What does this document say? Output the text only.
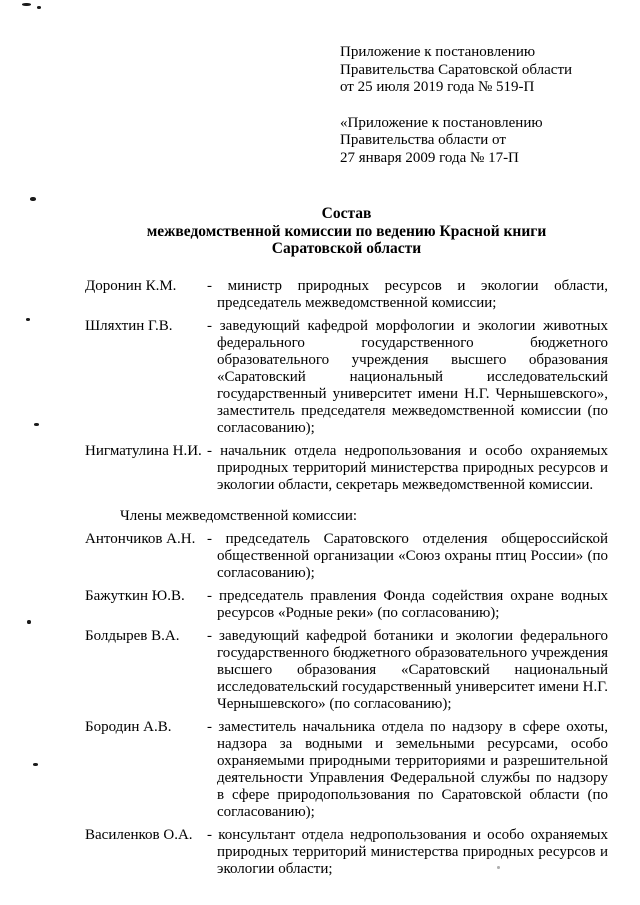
Приложение к постановлению
Правительства Саратовской области
от 25 июля 2019 года № 519-П
«Приложение к постановлению
Правительства области от
27 января 2009 года № 17-П
Состав
межведомственной комиссии по ведению Красной книги
Саратовской области
Доронин К.М.	- министр природных ресурсов и экологии области, председатель межведомственной комиссии;
Шляхтин Г.В.	- заведующий кафедрой морфологии и экологии животных федерального государственного бюджетного образовательного учреждения высшего образования «Саратовский национальный исследовательский государственный университет имени Н.Г. Чернышевского», заместитель председателя межведомственной комиссии (по согласованию);
Нигматулина Н.И. - начальник отдела недропользования и особо охраняемых природных территорий министерства природных ресурсов и экологии области, секретарь межведомственной комиссии.
Члены межведомственной комиссии:
Антончиков А.Н. - председатель Саратовского отделения общероссийской общественной организации «Союз охраны птиц России» (по согласованию);
Бажуткин Ю.В.	- председатель правления Фонда содействия охране водных ресурсов «Родные реки» (по согласованию);
Болдырев В.А.	- заведующий кафедрой ботаники и экологии федерального государственного бюджетного образовательного учреждения высшего образования «Саратовский национальный исследовательский государственный университет имени Н.Г. Чернышевского» (по согласованию);
Бородин А.В.	- заместитель начальника отдела по надзору в сфере охоты, надзора за водными и земельными ресурсами, особо охраняемыми природными территориями и разрешительной деятельности Управления Федеральной службы по надзору в сфере природопользования по Саратовской области (по согласованию);
Василенков О.А. - консультант отдела недропользования и особо охраняемых природных территорий министерства природных ресурсов и экологии области;
